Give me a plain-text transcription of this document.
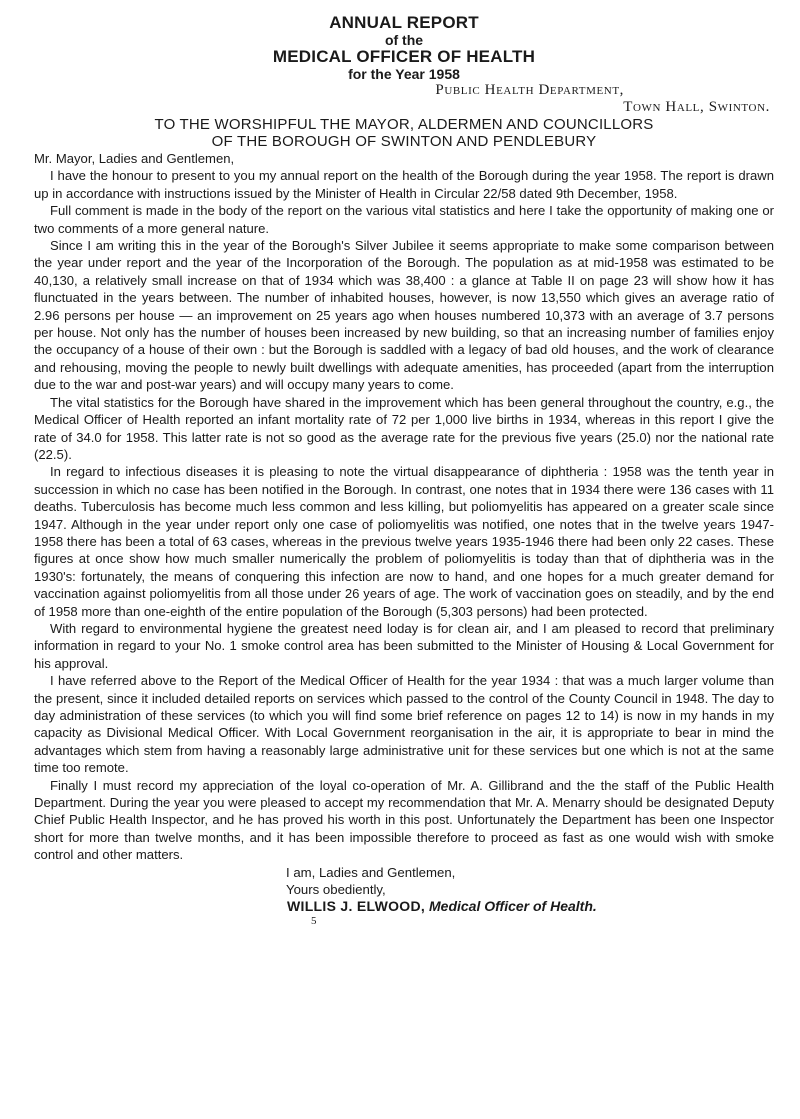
ANNUAL REPORT
of the
MEDICAL OFFICER OF HEALTH
for the Year 1958
Public Health Department,
Town Hall, Swinton.
TO THE WORSHIPFUL THE MAYOR, ALDERMEN AND COUNCILLORS
OF THE BOROUGH OF SWINTON AND PENDLEBURY

Mr. Mayor, Ladies and Gentlemen,

I have the honour to present to you my annual report on the health of the Borough during the year 1958. The report is drawn up in accordance with instructions issued by the Minister of Health in Circular 22/58 dated 9th December, 1958.

Full comment is made in the body of the report on the various vital statistics and here I take the opportunity of making one or two comments of a more general nature.

Since I am writing this in the year of the Borough's Silver Jubilee it seems appropriate to make some comparison between the year under report and the year of the Incorporation of the Borough. The population as at mid-1958 was estimated to be 40,130, a relatively small increase on that of 1934 which was 38,400 : a glance at Table II on page 23 will show how it has flunctuated in the years between. The number of inhabited houses, however, is now 13,550 which gives an average ratio of 2.96 persons per house — an improvement on 25 years ago when houses numbered 10,373 with an average of 3.7 persons per house. Not only has the number of houses been increased by new building, so that an increasing number of families enjoy the occupancy of a house of their own : but the Borough is saddled with a legacy of bad old houses, and the work of clearance and rehousing, moving the people to newly built dwellings with adequate amenities, has proceeded (apart from the interruption due to the war and post-war years) and will occupy many years to come.

The vital statistics for the Borough have shared in the improvement which has been general throughout the country, e.g., the Medical Officer of Health reported an infant mortality rate of 72 per 1,000 live births in 1934, whereas in this report I give the rate of 34.0 for 1958. This latter rate is not so good as the average rate for the previous five years (25.0) nor the national rate (22.5).

In regard to infectious diseases it is pleasing to note the virtual disappearance of diphtheria : 1958 was the tenth year in succession in which no case has been notified in the Borough. In contrast, one notes that in 1934 there were 136 cases with 11 deaths. Tuberculosis has become much less common and less killing, but poliomyelitis has appeared on a greater scale since 1947. Although in the year under report only one case of poliomyelitis was notified, one notes that in the twelve years 1947-1958 there has been a total of 63 cases, whereas in the previous twelve years 1935-1946 there had been only 22 cases. These figures at once show how much smaller numerically the problem of poliomyelitis is today than that of diphtheria was in the 1930's: fortunately, the means of conquering this infection are now to hand, and one hopes for a much greater demand for vaccination against poliomyelitis from all those under 26 years of age. The work of vaccination goes on steadily, and by the end of 1958 more than one-eighth of the entire population of the Borough (5,303 persons) had been protected.

With regard to environmental hygiene the greatest need loday is for clean air, and I am pleased to record that preliminary information in regard to your No. 1 smoke control area has been submitted to the Minister of Housing & Local Government for his approval.

I have referred above to the Report of the Medical Officer of Health for the year 1934 : that was a much larger volume than the present, since it included detailed reports on services which passed to the control of the County Council in 1948. The day to day administration of these services (to which you will find some brief reference on pages 12 to 14) is now in my hands in my capacity as Divisional Medical Officer. With Local Government reorganisation in the air, it is appropriate to bear in mind the advantages which stem from having a reasonably large administrative unit for these services but one which is not at the same time too remote.

Finally I must record my appreciation of the loyal co-operation of Mr. A. Gillibrand and the the staff of the Public Health Department. During the year you were pleased to accept my recommendation that Mr. A. Menarry should be designated Deputy Chief Public Health Inspector, and he has proved his worth in this post. Unfortunately the Department has been one Inspector short for more than twelve months, and it has been impossible therefore to proceed as fast as one would wish with smoke control and other matters.

I am, Ladies and Gentlemen,
Yours obediently,
WILLIS J. ELWOOD, Medical Officer of Health.
5
